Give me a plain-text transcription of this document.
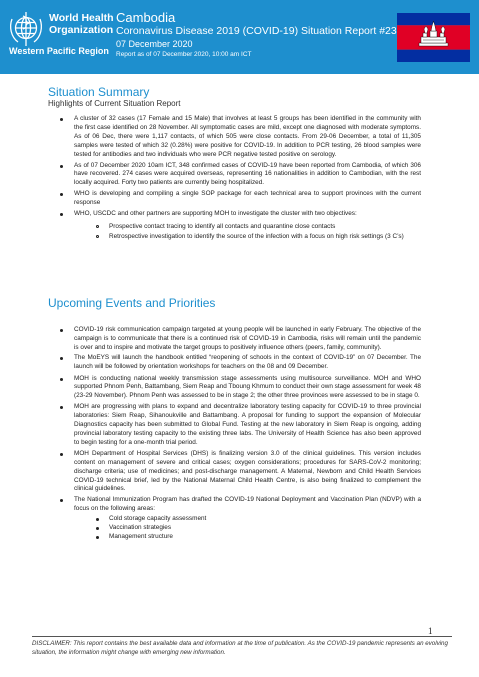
World Health
Organization
Western Pacific Region
Cambodia
Coronavirus Disease 2019 (COVID-19) Situation Report #23
07 December 2020
Report as of 07 December 2020, 10:00 am ICT
Situation Summary
Highlights of Current Situation Report
A cluster of 32 cases (17 Female and 15 Male) that involves at least 5 groups has been identified in the community with the first case identified on 28 November. All symptomatic cases are mild, except one diagnosed with moderate symptoms. As of 06 Dec, there were 1,117 contacts, of which 505 were close contacts. From 29-06 December, a total of 11,305 samples were tested of which 32 (0.28%) were positive for COVID-19. In addition to PCR testing, 26 blood samples were tested for antibodies and two individuals who were PCR negative tested positive on serology.
As of 07 December 2020 10am ICT, 348 confirmed cases of COVID-19 have been reported from Cambodia, of which 306 have recovered. 274 cases were acquired overseas, representing 16 nationalities in addition to Cambodian, with the rest locally acquired. Forty two patients are currently being hospitalized.
WHO is developing and compiling a single SOP package for each technical area to support provinces with the current response
WHO, USCDC and other partners are supporting MOH to investigate the cluster with two objectives:
Prospective contact tracing to identify all contacts and quarantine close contacts
Retrospective investigation to identify the source of the infection with a focus on high risk settings (3 C’s)
Upcoming Events and Priorities
COVID-19 risk communication campaign targeted at young people will be launched in early February. The objective of the campaign is to communicate that there is a continued risk of COVID-19 in Cambodia, risks will remain until the pandemic is over and to inspire and motivate the target groups to positively influence others (peers, family, community).
The MoEYS will launch the handbook entitled “reopening of schools in the context of COVID-19” on 07 December. The launch will be followed by orientation workshops for teachers on the 08 and 09 December.
MOH is conducting national weekly transmission stage assessments using multisource surveillance. MOH and WHO supported Phnom Penh, Battambang, Siem Reap and Tboung Khmum to conduct their own stage assessment for week 48 (23-29 November). Phnom Penh was assessed to be in stage 2; the other three provinces were assessed to be in stage 0.
MOH are progressing with plans to expand and decentralize laboratory testing capacity for COVID-19 to three provincial laboratories: Siem Reap, Sihanoukville and Battambang. A proposal for funding to support the expansion of Molecular Diagnostics capacity has been submitted to Global Fund. Testing at the new laboratory in Siem Reap is ongoing, adding provincial laboratory testing capacity to the existing three labs. The University of Health Science has also been approved to begin testing for a one-month trial period.
MOH Department of Hospital Services (DHS) is finalizing version 3.0 of the clinical guidelines. This version includes content on management of severe and critical cases; oxygen considerations; procedures for SARS-CoV-2 monitoring; discharge criteria; use of medicines; and post-discharge management. A Maternal, Newborn and Child Health Services COVID-19 technical brief, led by the National Maternal Child Health Centre, is also being finalized to complement the clinical guidelines.
The National Immunization Program has drafted the COVID-19 National Deployment and Vaccination Plan (NDVP) with a focus on the following areas:
Cold storage capacity assessment
Vaccination strategies
Management structure
1
DISCLAIMER: This report contains the best available data and information at the time of publication. As the COVID-19 pandemic represents an evolving situation, the information might change with emerging new information.
